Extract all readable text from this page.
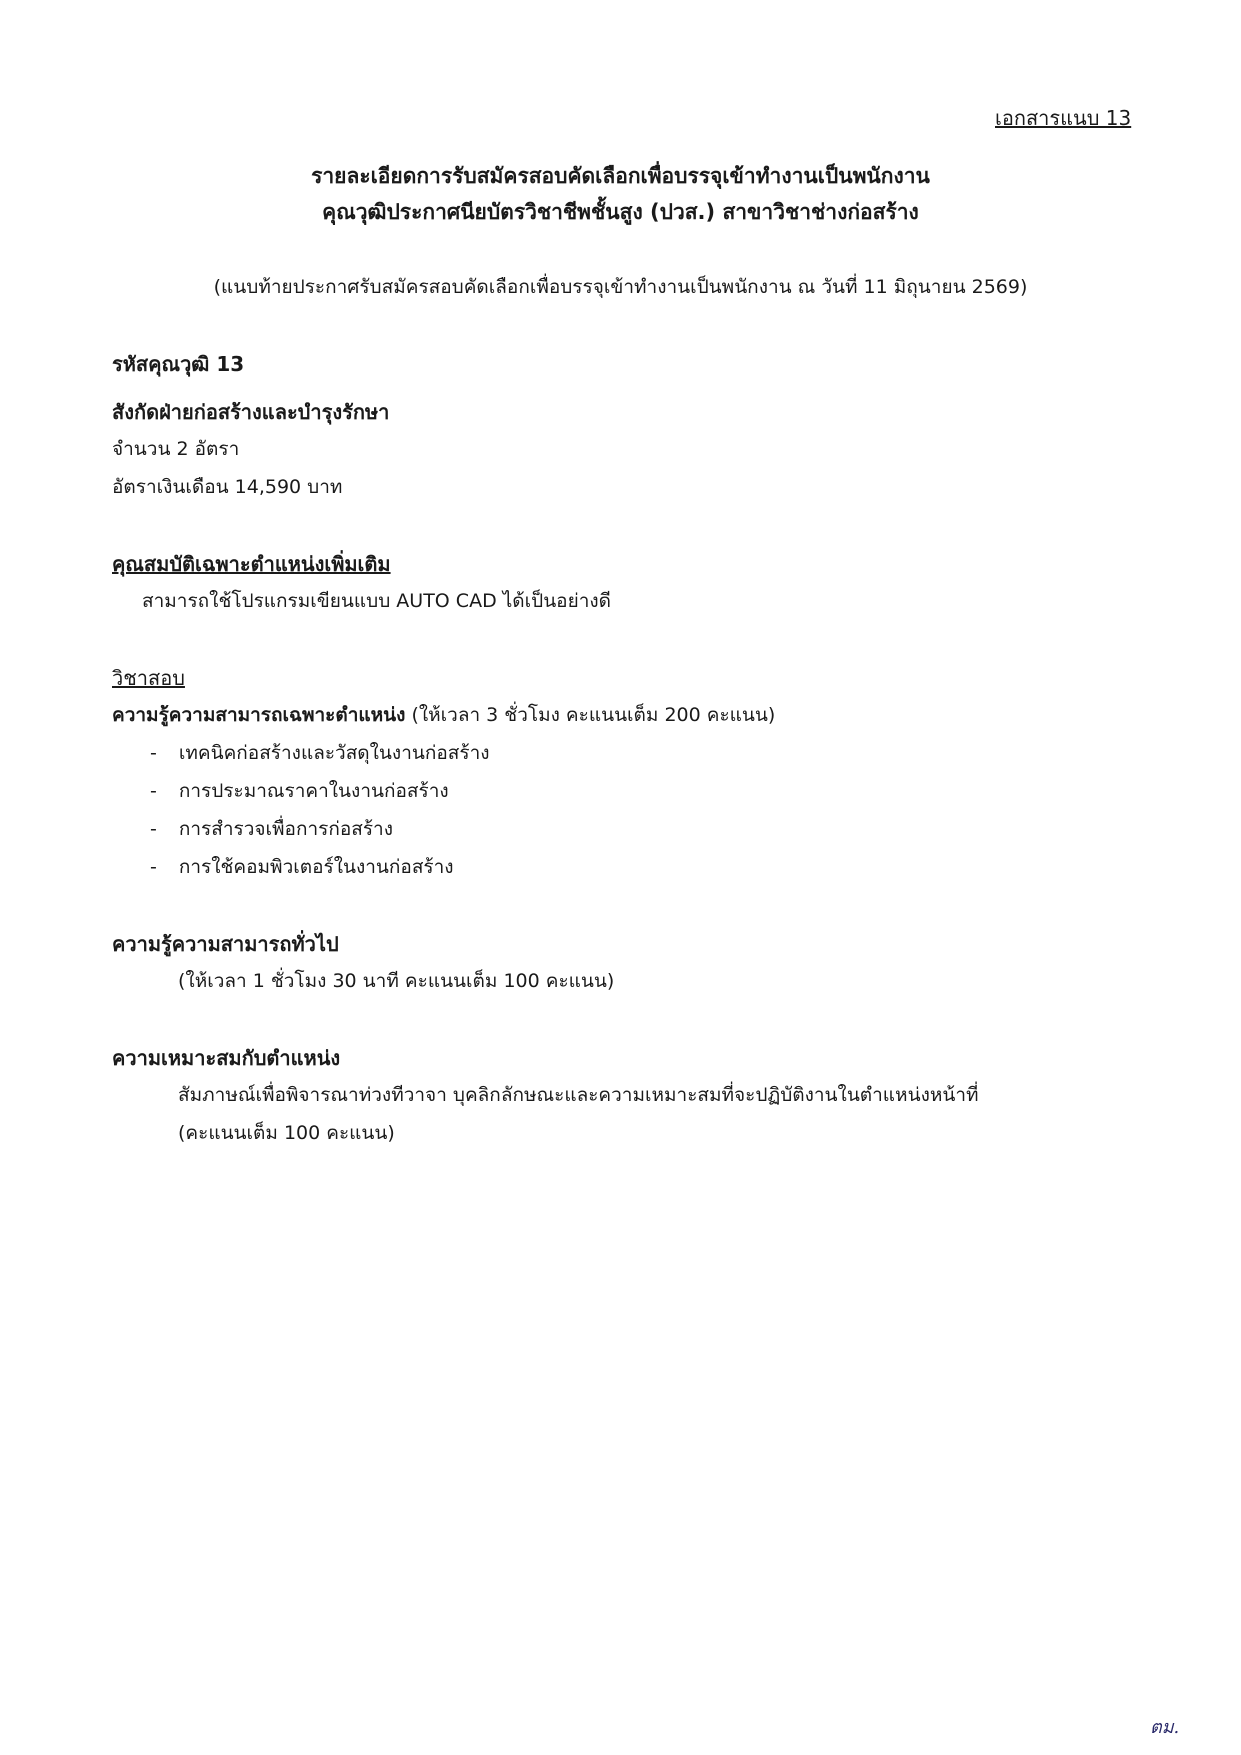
เอกสารแนบ 13
รายละเอียดการรับสมัครสอบคัดเลือกเพื่อบรรจุเข้าทำงานเป็นพนักงาน
คุณวุฒิประกาศนียบัตรวิชาชีพชั้นสูง (ปวส.) สาขาวิชาช่างก่อสร้าง
(แนบท้ายประกาศรับสมัครสอบคัดเลือกเพื่อบรรจุเข้าทำงานเป็นพนักงาน ณ วันที่ 11 มิถุนายน 2569)
รหัสคุณวุฒิ 13
สังกัดฝ่ายก่อสร้างและบำรุงรักษา
จำนวน 2 อัตรา
อัตราเงินเดือน 14,590 บาท
คุณสมบัติเฉพาะตำแหน่งเพิ่มเติม
สามารถใช้โปรแกรมเขียนแบบ AUTO CAD ได้เป็นอย่างดี
วิชาสอบ
ความรู้ความสามารถเฉพาะตำแหน่ง (ให้เวลา 3 ชั่วโมง คะแนนเต็ม 200 คะแนน)
- เทคนิคก่อสร้างและวัสดุในงานก่อสร้าง
- การประมาณราคาในงานก่อสร้าง
- การสำรวจเพื่อการก่อสร้าง
- การใช้คอมพิวเตอร์ในงานก่อสร้าง
ความรู้ความสามารถทั่วไป
(ให้เวลา 1 ชั่วโมง 30 นาที คะแนนเต็ม 100 คะแนน)
ความเหมาะสมกับตำแหน่ง
สัมภาษณ์เพื่อพิจารณาท่วงทีวาจา บุคลิกลักษณะและความเหมาะสมที่จะปฏิบัติงานในตำแหน่งหน้าที่
(คะแนนเต็ม 100 คะแนน)
ตม.
